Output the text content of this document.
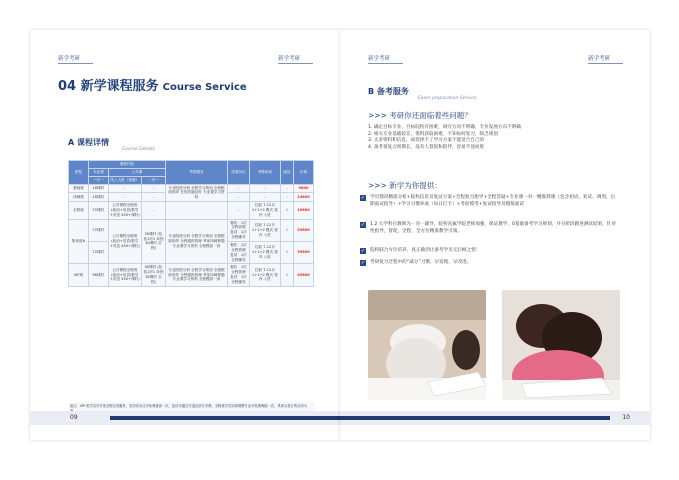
新学考研	新学考研
04 新学课程服务 Course Service
A 课程详情
Course Details
班型	课程内容			考核服务	授课协议	考核时间	政优	价格
	专业课	公共课						
	一对一	线上大班（视频）	一对一					
基础班	16课时	-	-	专业院校分析 全程学习规划 全程跟踪指导 在线答疑及时 专业课学习资料	-	-	-	9800
冲刺班	16课时	-	-		-	-	-	14800
全程班	72课时	公共课程全程班 (政治+英语/数学+英语 450+课时)	-		-	住宿 7-12月 1+1+2 模式 校内 入驻	✓	19800
集训营A	72课时	公共课程全程班 (政治+英语/数学+英语 450+课时)	30课时 (包括1对1 单独 30课时 全程)	专业院校分析 全程学习规划 全程跟踪指导 全程跟踪管理 考前冲刺押题 专业课学习资料 全程模拟一套	餐饮：1次 全程管理 复试：1次 全程辅导	住宿 7-12月 1+1+2 模式 校内 入驻	✓	29800
	72课时				餐饮：1次 全程管理 复试：1次 全程辅导	住宿 7-12月 1+1+2 模式 校内 入驻	✓	39800
VIP班	96课时	公共课程全程班 (政治+英语/数学+英语 450+课时)	30课时 (包括1对1 单独 30课时 全程)	专业院校分析 全程学习规划 全程跟踪指导 全程跟踪管理 考前冲刺押题 专业课学习资料 全程模拟一套	餐饮：1次 全程管理 复试：1次 全程辅导	住宿 7-12月 1+1+2 模式 校内 入驻	✓	49800
备注：VIP 班学员可享受全程无忧服务，若初试未过可免费重读一次，复试未通过可退还部分学费；全程班学员如需调整专业可免费调换一次，具体以签订的合同为
09
新学考研	新学考研
B 备考服务
Exam preparation Service
>>> 考研你还面临着些问题？
1. 确定目标专业、目标院校有困难，研究方向不明确，专业发展方向不明确
2. 相关专业基础较差，资料获取困难，不知如何复习，缺乏规划
3. 太多资料和信息，却选择不了学习方案不能适合自己的
4. 备考备复习周期长，没有人督促和陪伴，容易半途而废
>>> 新学为你提供：
✓ 学员情况精准分析+院校信息及复试方案+全程复习指导+全程答疑+专业课一对一精准授课（包含初试、复试、调剂，后期面试指导）+学习习惯养成（每日打卡）+考前模考+复试指导及模拟面试
✓ 1 2 大学科目教师为一对一辅导，院校直属学院老师加强，保证教学，0基础备考学习规划，并分阶段跟进测试结果，针对性指导，督促，全程，全方位精准教学引领。
✓ 院校联合方位培养，真正做到让备考学员无后顾之忧！
✓ 考研复习过程中的“减分”习惯、早发现、早改进。
10
